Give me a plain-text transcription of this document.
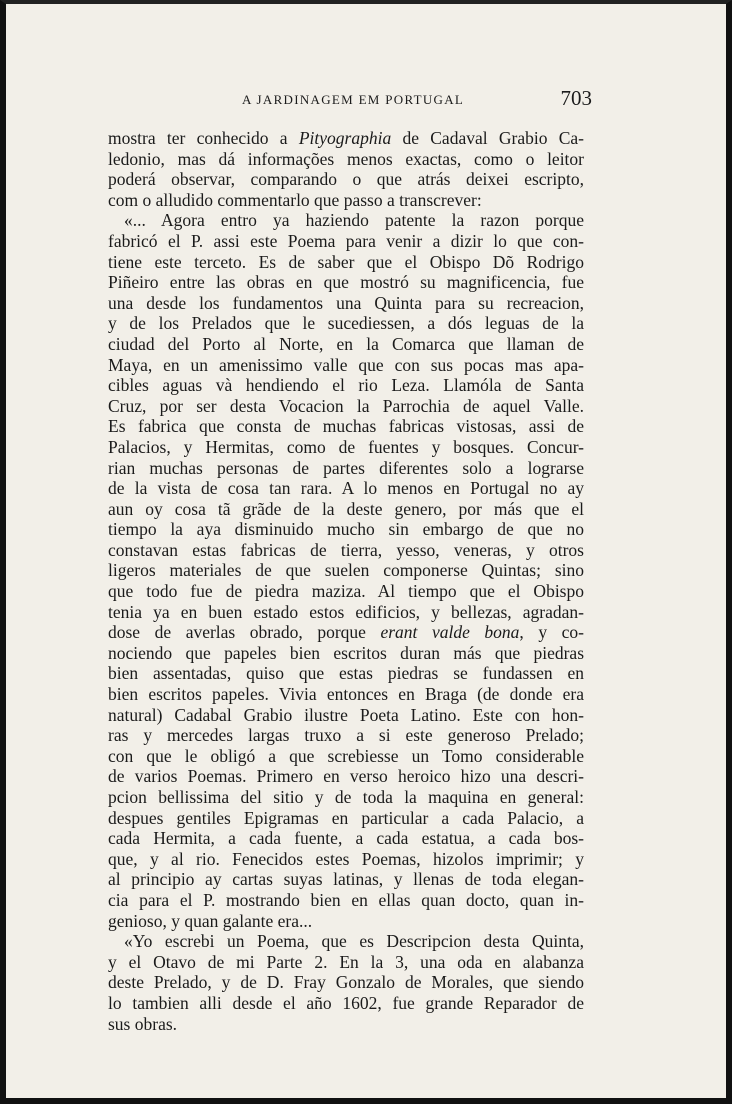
A JARDINAGEM EM PORTUGAL	703
mostra ter conhecido a Pityographia de Cadaval Grabio Ca-
ledonio, mas dá informações menos exactas, como o leitor
poderá observar, comparando o que atrás deixei escripto,
com o alludido commentarlo que passo a transcrever:
«... Agora entro ya haziendo patente la razon porque
fabricó el P. assi este Poema para venir a dizir lo que con-
tiene este terceto. Es de saber que el Obispo Dõ Rodrigo
Piñeiro entre las obras en que mostró su magnificencia, fue
una desde los fundamentos una Quinta para su recreacion,
y de los Prelados que le sucediessen, a dós leguas de la
ciudad del Porto al Norte, en la Comarca que llaman de
Maya, en un amenissimo valle que con sus pocas mas apa-
cibles aguas và hendiendo el rio Leza. Llamóla de Santa
Cruz, por ser desta Vocacion la Parrochia de aquel Valle.
Es fabrica que consta de muchas fabricas vistosas, assi de
Palacios, y Hermitas, como de fuentes y bosques. Concur-
rian muchas personas de partes diferentes solo a lograrse
de la vista de cosa tan rara. A lo menos en Portugal no ay
aun oy cosa tã grãde de la deste genero, por más que el
tiempo la aya disminuido mucho sin embargo de que no
constavan estas fabricas de tierra, yesso, veneras, y otros
ligeros materiales de que suelen componerse Quintas; sino
que todo fue de piedra maziza. Al tiempo que el Obispo
tenia ya en buen estado estos edificios, y bellezas, agradan-
dose de averlas obrado, porque erant valde bona, y co-
nociendo que papeles bien escritos duran más que piedras
bien assentadas, quiso que estas piedras se fundassen en
bien escritos papeles. Vivia entonces en Braga (de donde era
natural) Cadabal Grabio ilustre Poeta Latino. Este con hon-
ras y mercedes largas truxo a si este generoso Prelado;
con que le obligó a que screbiesse un Tomo considerable
de varios Poemas. Primero en verso heroico hizo una descri-
pcion bellissima del sitio y de toda la maquina en general:
despues gentiles Epigramas en particular a cada Palacio, a
cada Hermita, a cada fuente, a cada estatua, a cada bos-
que, y al rio. Fenecidos estes Poemas, hizolos imprimir; y
al principio ay cartas suyas latinas, y llenas de toda elegan-
cia para el P. mostrando bien en ellas quan docto, quan in-
genioso, y quan galante era...
«Yo escrebi un Poema, que es Descripcion desta Quinta,
y el Otavo de mi Parte 2. En la 3, una oda en alabanza
deste Prelado, y de D. Fray Gonzalo de Morales, que siendo
lo tambien alli desde el año 1602, fue grande Reparador de
sus obras.
